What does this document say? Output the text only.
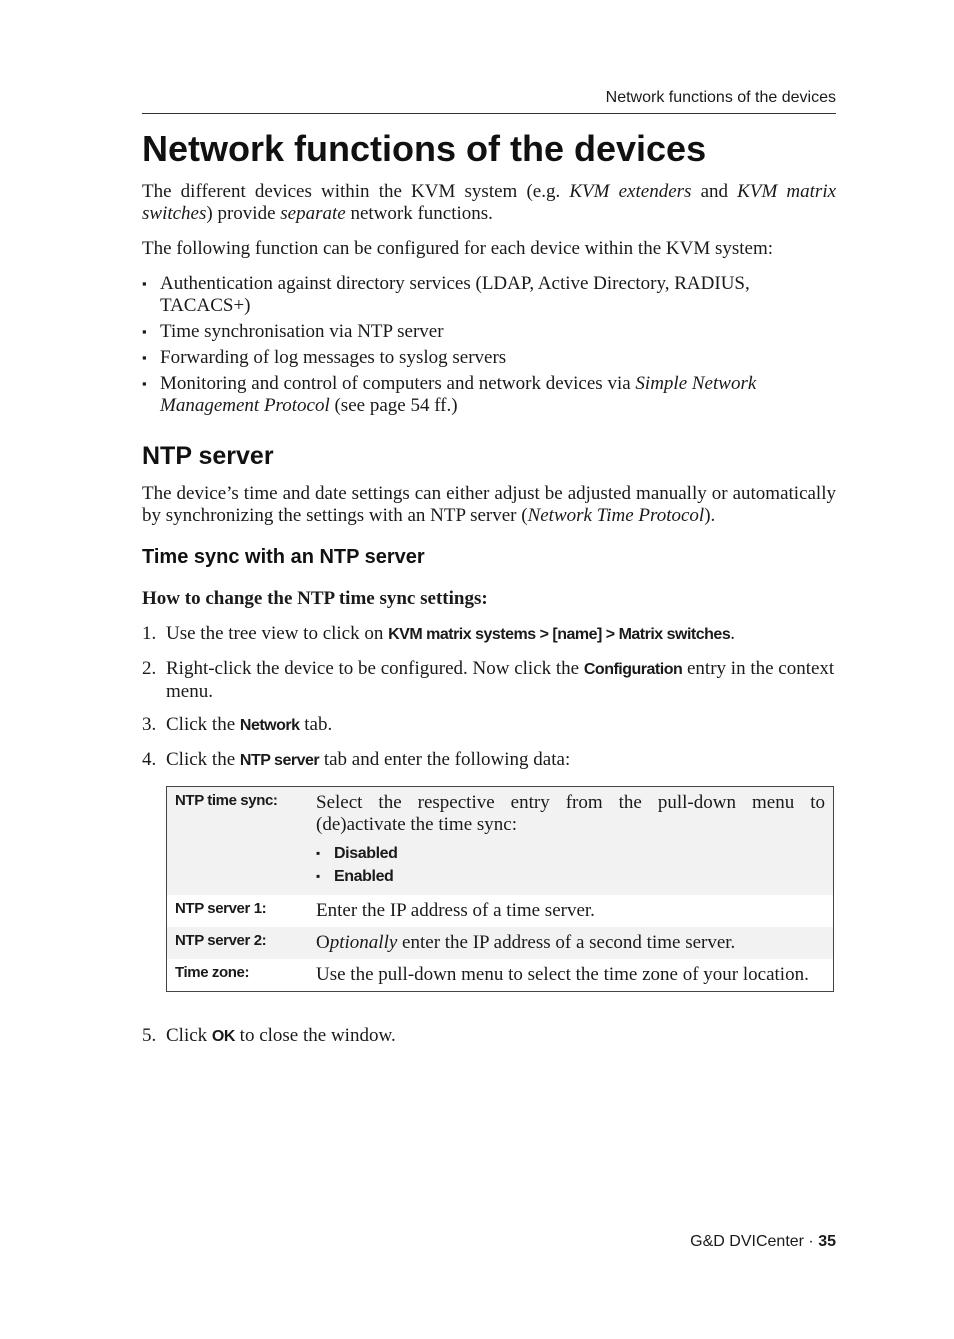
Network functions of the devices
Network functions of the devices

The different devices within the KVM system (e.g. KVM extenders and KVM matrix switches) provide separate network functions.

The following function can be configured for each device within the KVM system:

▪ Authentication against directory services (LDAP, Active Directory, RADIUS, TACACS+)
▪ Time synchronisation via NTP server
▪ Forwarding of log messages to syslog servers
▪ Monitoring and control of computers and network devices via Simple Network Management Protocol (see page 54 ff.)
NTP server

The device’s time and date settings can either adjust be adjusted manually or automatically by synchronizing the settings with an NTP server (Network Time Protocol).

Time sync with an NTP server

How to change the NTP time sync settings:

1. Use the tree view to click on KVM matrix systems > [name] > Matrix switches.
2. Right-click the device to be configured. Now click the Configuration entry in the context menu.
3. Click the Network tab.
4. Click the NTP server tab and enter the following data:
NTP time sync:	Select the respective entry from the pull-down menu to (de)activate the time sync:
▪ Disabled
▪ Enabled
NTP server 1:	Enter the IP address of a time server.
NTP server 2:	Optionally enter the IP address of a second time server.
Time zone:	Use the pull-down menu to select the time zone of your location.
5. Click OK to close the window.
G&D DVICenter · 35
